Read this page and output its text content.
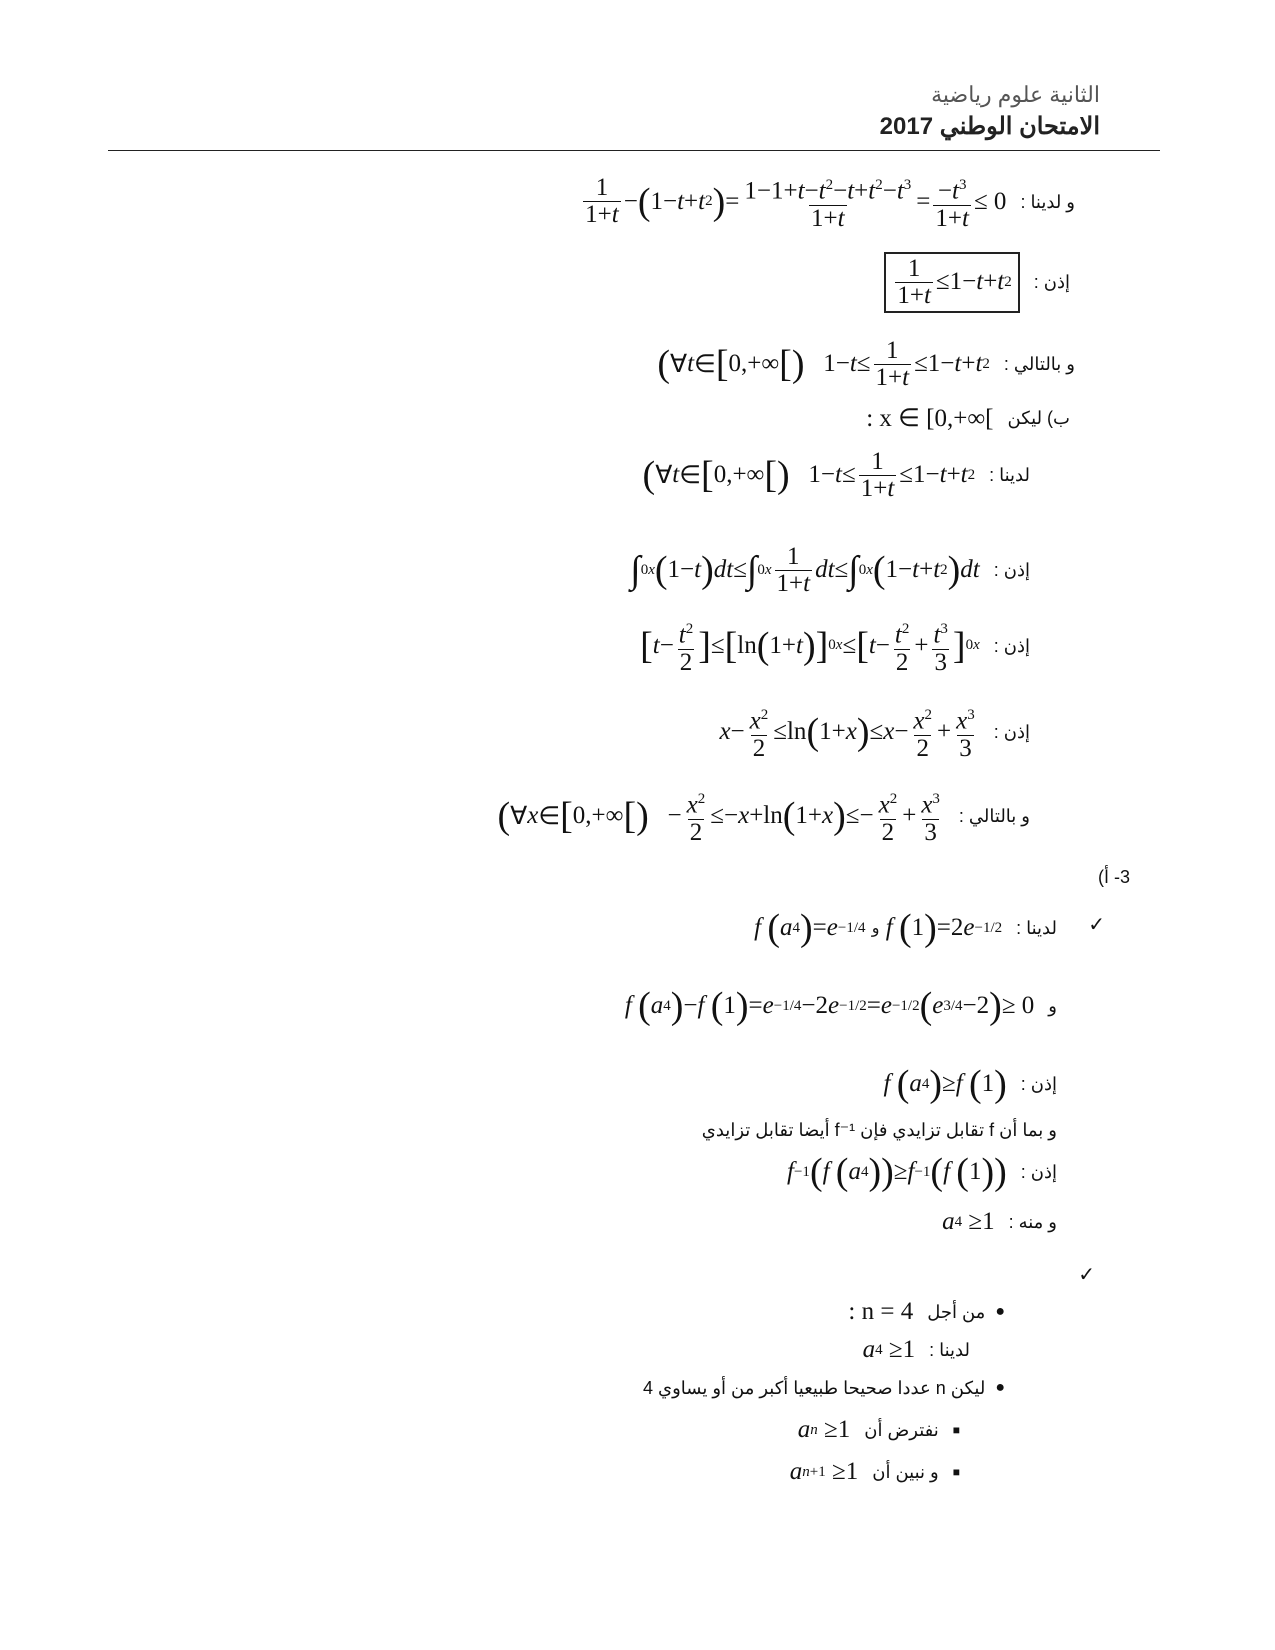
الثانية علوم رياضية
الامتحان الوطني 2017
$\frac{1}{1+t}$ − ( 1− t + t 2 ) = $\frac{1-1+t-t^2-t+t^2-t^3}{1+t} = \frac{-t^3}{1+t} \le 0$ و لدينا :
$\frac{1}{1+t} \le 1- t + t$ 2 إذن :
( ∀ t ∈ [ 0,+∞ [ ) $1- t \le \frac{1}{1+t} \le 1- t + t$ 2 و بالتالي :
: x ∈ [0,+∞[ ب) ليكن
( ∀ t ∈ [ 0,+∞ [ ) $1- t \le \frac{1}{1+t} \le 1- t + t$ 2 لدينا :
∫ 0 x ( 1− t ) dt ≤ ∫ 0 x $\frac{1}{1+t}$ dt ≤ ∫ 0 x ( 1− t + t 2 ) dt إذن :
[ $t - \frac{t^2}{2}$ ] ≤ [ ln ( 1+ t ) ] 0 x ≤ [ $t - \frac{t^2}{2} + \frac{t^3}{3}$ ] 0 x إذن :
$x - \frac{x^2}{2} \le\ln$ ( 1+ x ) ≤ $x - \frac{x^2}{2} + \frac{x^3}{3}$ إذن :
( ∀ x ∈ [ 0,+∞ [ ) − $\frac{x^2}{2} \le- x +\ln$ ( 1+ x ) ≤− $\frac{x^2}{2} + \frac{x^3}{3}$ و بالتالي :
3- أ)
✓
f
( a 4 ) = e −1/4
و
f
( 1 ) =2 e −1/2 لدينا :
f
( a 4 ) − f
( 1 ) = e −1/4 −2 e −1/2 = e −1/2 ( e 3/4 −2 ) ≥ 0 و
f
( a 4 ) ≥ f
( 1 ) إذن :
و بما أن f تقابل تزايدي فإن f⁻¹ أيضا تقابل تزايدي
f −1 ( f
( a 4 ) ) ≥ f −1 ( f
( 1 ) ) إذن :
a 4 ≥1 و منه :
✓
: n = 4 من أجل ●
a 4 ≥1 لدينا :
ليكن n عددا صحيحا طبيعيا أكبر من أو يساوي 4 ●
a n ≥1 نفترض أن ■
a n+1 ≥1 و نبين أن ■
